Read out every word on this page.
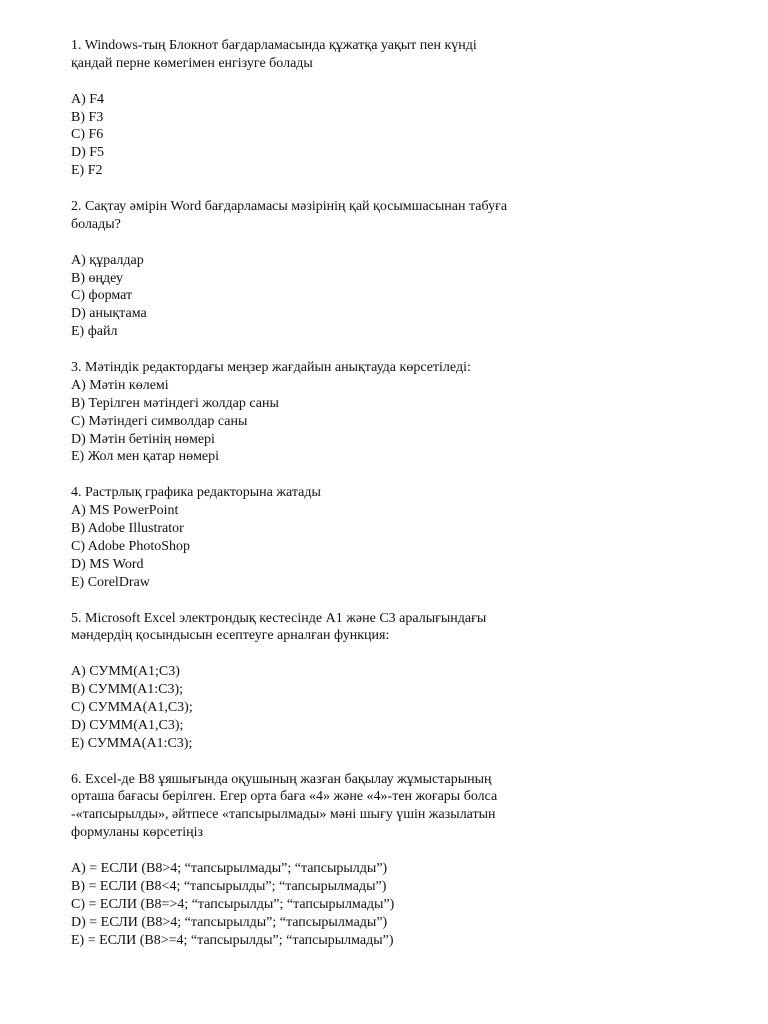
1. Windows-тың Блокнот бағдарламасында құжатқа уақыт пен күнді
қандай перне көмегімен енгізуге болады
A) F4
B) F3
C) F6
D) F5
E) F2
2. Сақтау әмірін Word бағдарламасы мәзірінің қай қосымшасынан табуға
болады?
A) құралдар
B) өңдеу
C) формат
D) анықтама
E) файл
3. Мәтіндік редактордағы меңзер жағдайын анықтауда көрсетіледі:
A) Мәтін көлемі
B) Терілген мәтіндегі жолдар саны
C) Мәтіндегі символдар саны
D) Мәтін бетінің нөмері
E) Жол мен қатар нөмері
4. Растрлық графика редакторына жатады
A) MS PowerPoint
B) Adobe Illustrator
C) Adobe PhotoShop
D) MS Word
E) CorelDraw
5. Microsoft Excel электрондық кестесінде A1 және C3 аралығындағы
мәндердің қосындысын есептеуге арналған функция:
A) СУММ(A1;C3)
B) СУММ(A1:C3);
C) СУММА(A1,C3);
D) СУММ(A1,C3);
E) СУММА(A1:C3);
6. Excel-де B8 ұяшығында оқушының жазған бақылау жұмыстарының
орташа бағасы берілген. Егер орта баға «4» және «4»-тен жоғары болса
-«тапсырылды», әйтпесе «тапсырылмады» мәні шығу үшін жазылатын
формуланы көрсетіңіз
A) = ЕСЛИ (B8>4; “тапсырылмады”; “тапсырылды”)
B) = ЕСЛИ (B8<4; “тапсырылды”; “тапсырылмады”)
C) = ЕСЛИ (B8=>4; “тапсырылды”; “тапсырылмады”)
D) = ЕСЛИ (B8>4; “тапсырылды”; “тапсырылмады”)
E) = ЕСЛИ (B8>=4; “тапсырылды”; “тапсырылмады”)
